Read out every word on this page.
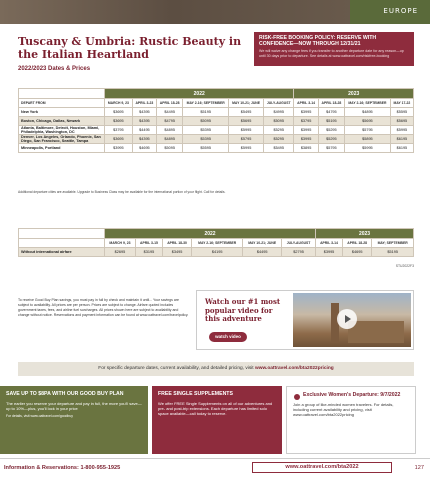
EUROPE
Tuscany & Umbria: Rustic Beauty in the Italian Heartland
2022/2023 Dates & Prices
RISK-FREE BOOKING POLICY: RESERVE WITH CONFIDENCE—NOW THROUGH 12/31/21
We will waive any change fees if you transfer to another departure date for any reason—up until 30 days prior to departure. See details at www.oattravel.com/riskfree-booking
	2022						2023			
DEPART FROM	MARCH 9, 23	APRIL 3-23	APRIL 18-28	MAY 2-16; SEPTEMBER	MAY 10-21; JUNE	JULY-AUGUST	APRIL 3-14	APRIL 18-28	MAY 2-16; SEPTEMBER	MAY 17-22
New York	$3695	$4395	$4495	$5195	$5495	$4995	$3995	$4795	$4895	$5595
Boston, Chicago, Dallas, Newark	$3695	$4395	$4795	$5095	$5695	$5095	$3795	$5195	$5695	$5695
Atlanta, Baltimore, Detroit, Houston, Miami, Philadelphia, Washington, DC	$3795	$4495	$4895	$5395	$5995	$5295	$3995	$5295	$5795	$5995
Denver, Los Angeles, Orlando, Phoenix, San Diego, San Francisco, Seattle, Tampa	$3695	$4395	$4895	$5395	$5795	$5295	$3995	$5295	$5895	$6195
Minneapolis, Portland	$3995	$4695	$5095	$5595	$5995	$5495	$3895	$5795	$5995	$6195
Additional departure cities are available. Upgrade to Business Class may be available for the international portion of your flight. Call for details.
	2022						2023		
	MARCH 9, 23	APRIL 3-15	APRIL 18-30	MAY 2-16; SEPTEMBER	MAY 10-21; JUNE	JULY-AUGUST	APRIL 3-14	APRIL 18-28	MAY; SEPTEMBER
Without international airfare	$2695	$3195	$3495	$4195	$4495	$2795	$3995	$4695	$5195
STU2022F3
To receive Good Buy Plan savings, you must pay in full by check and maintain it until... Your savings are subject to availability. All prices are per person. Prices are subject to change. Airfare quoted includes government taxes, fees, and airline fuel surcharges. All prices shown here are subject to availability and change without notice. Reservations and payment information can be found at www.oattravel.com/travelpolicy.
Watch our #1 most popular video for this adventure
watch video
For specific departure dates, current availability, and detailed pricing, visit www.oattravel.com/bta2022pricing
SAVE UP TO $8PA WITH OUR GOOD BUY PLAN
The earlier you reserve your departure and pay in full, the more you'll save—up to 10%—plus, you'll lock in your price
For details, visit www.oattravel.com/goodbuy
FREE SINGLE SUPPLEMENTS
We offer FREE Single Supplements on all of our adventures and pre- and post-trip extensions. Each departure has limited solo space available—call today to reserve.
Exclusive Women's Departure: 9/7/2022
Join a group of like-minded women travelers. For details, including current availability and pricing, visit www.oattravel.com/bta2022pricing
Information & Reservations: 1-800-955-1925	www.oattravel.com/bta2022	127
